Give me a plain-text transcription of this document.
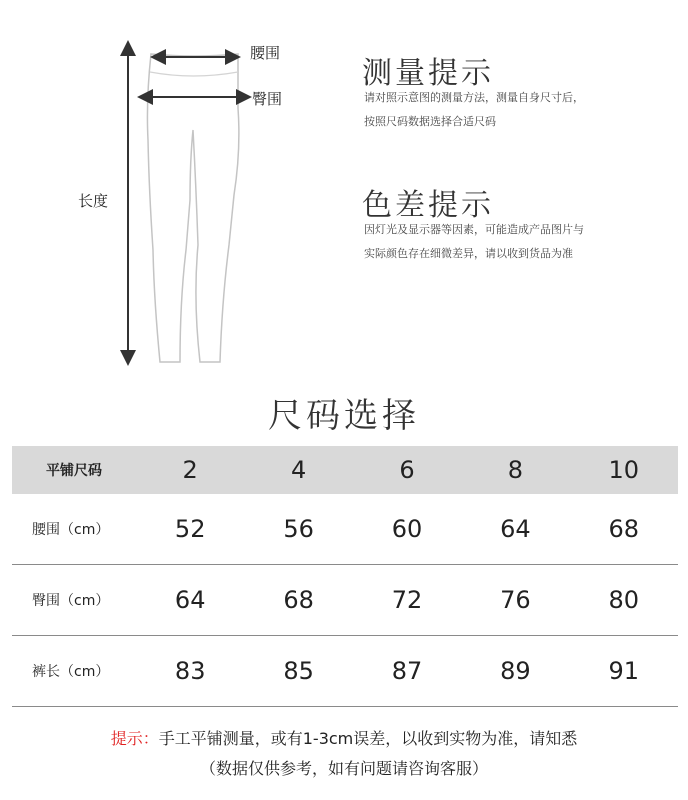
腰围
臀围
长度
测量提示
请对照示意图的测量方法，测量自身尺寸后，
按照尺码数据选择合适尺码
色差提示
因灯光及显示器等因素，可能造成产品图片与
实际颜色存在细微差异，请以收到货品为准
尺码选择
平铺尺码	2	4	6	8	10
腰围（cm）	52	56	60	64	68
臀围（cm）	64	68	72	76	80
裤长（cm）	83	85	87	89	91
提示：手工平铺测量，或有1-3cm误差，以收到实物为准，请知悉
（数据仅供参考，如有问题请咨询客服）
